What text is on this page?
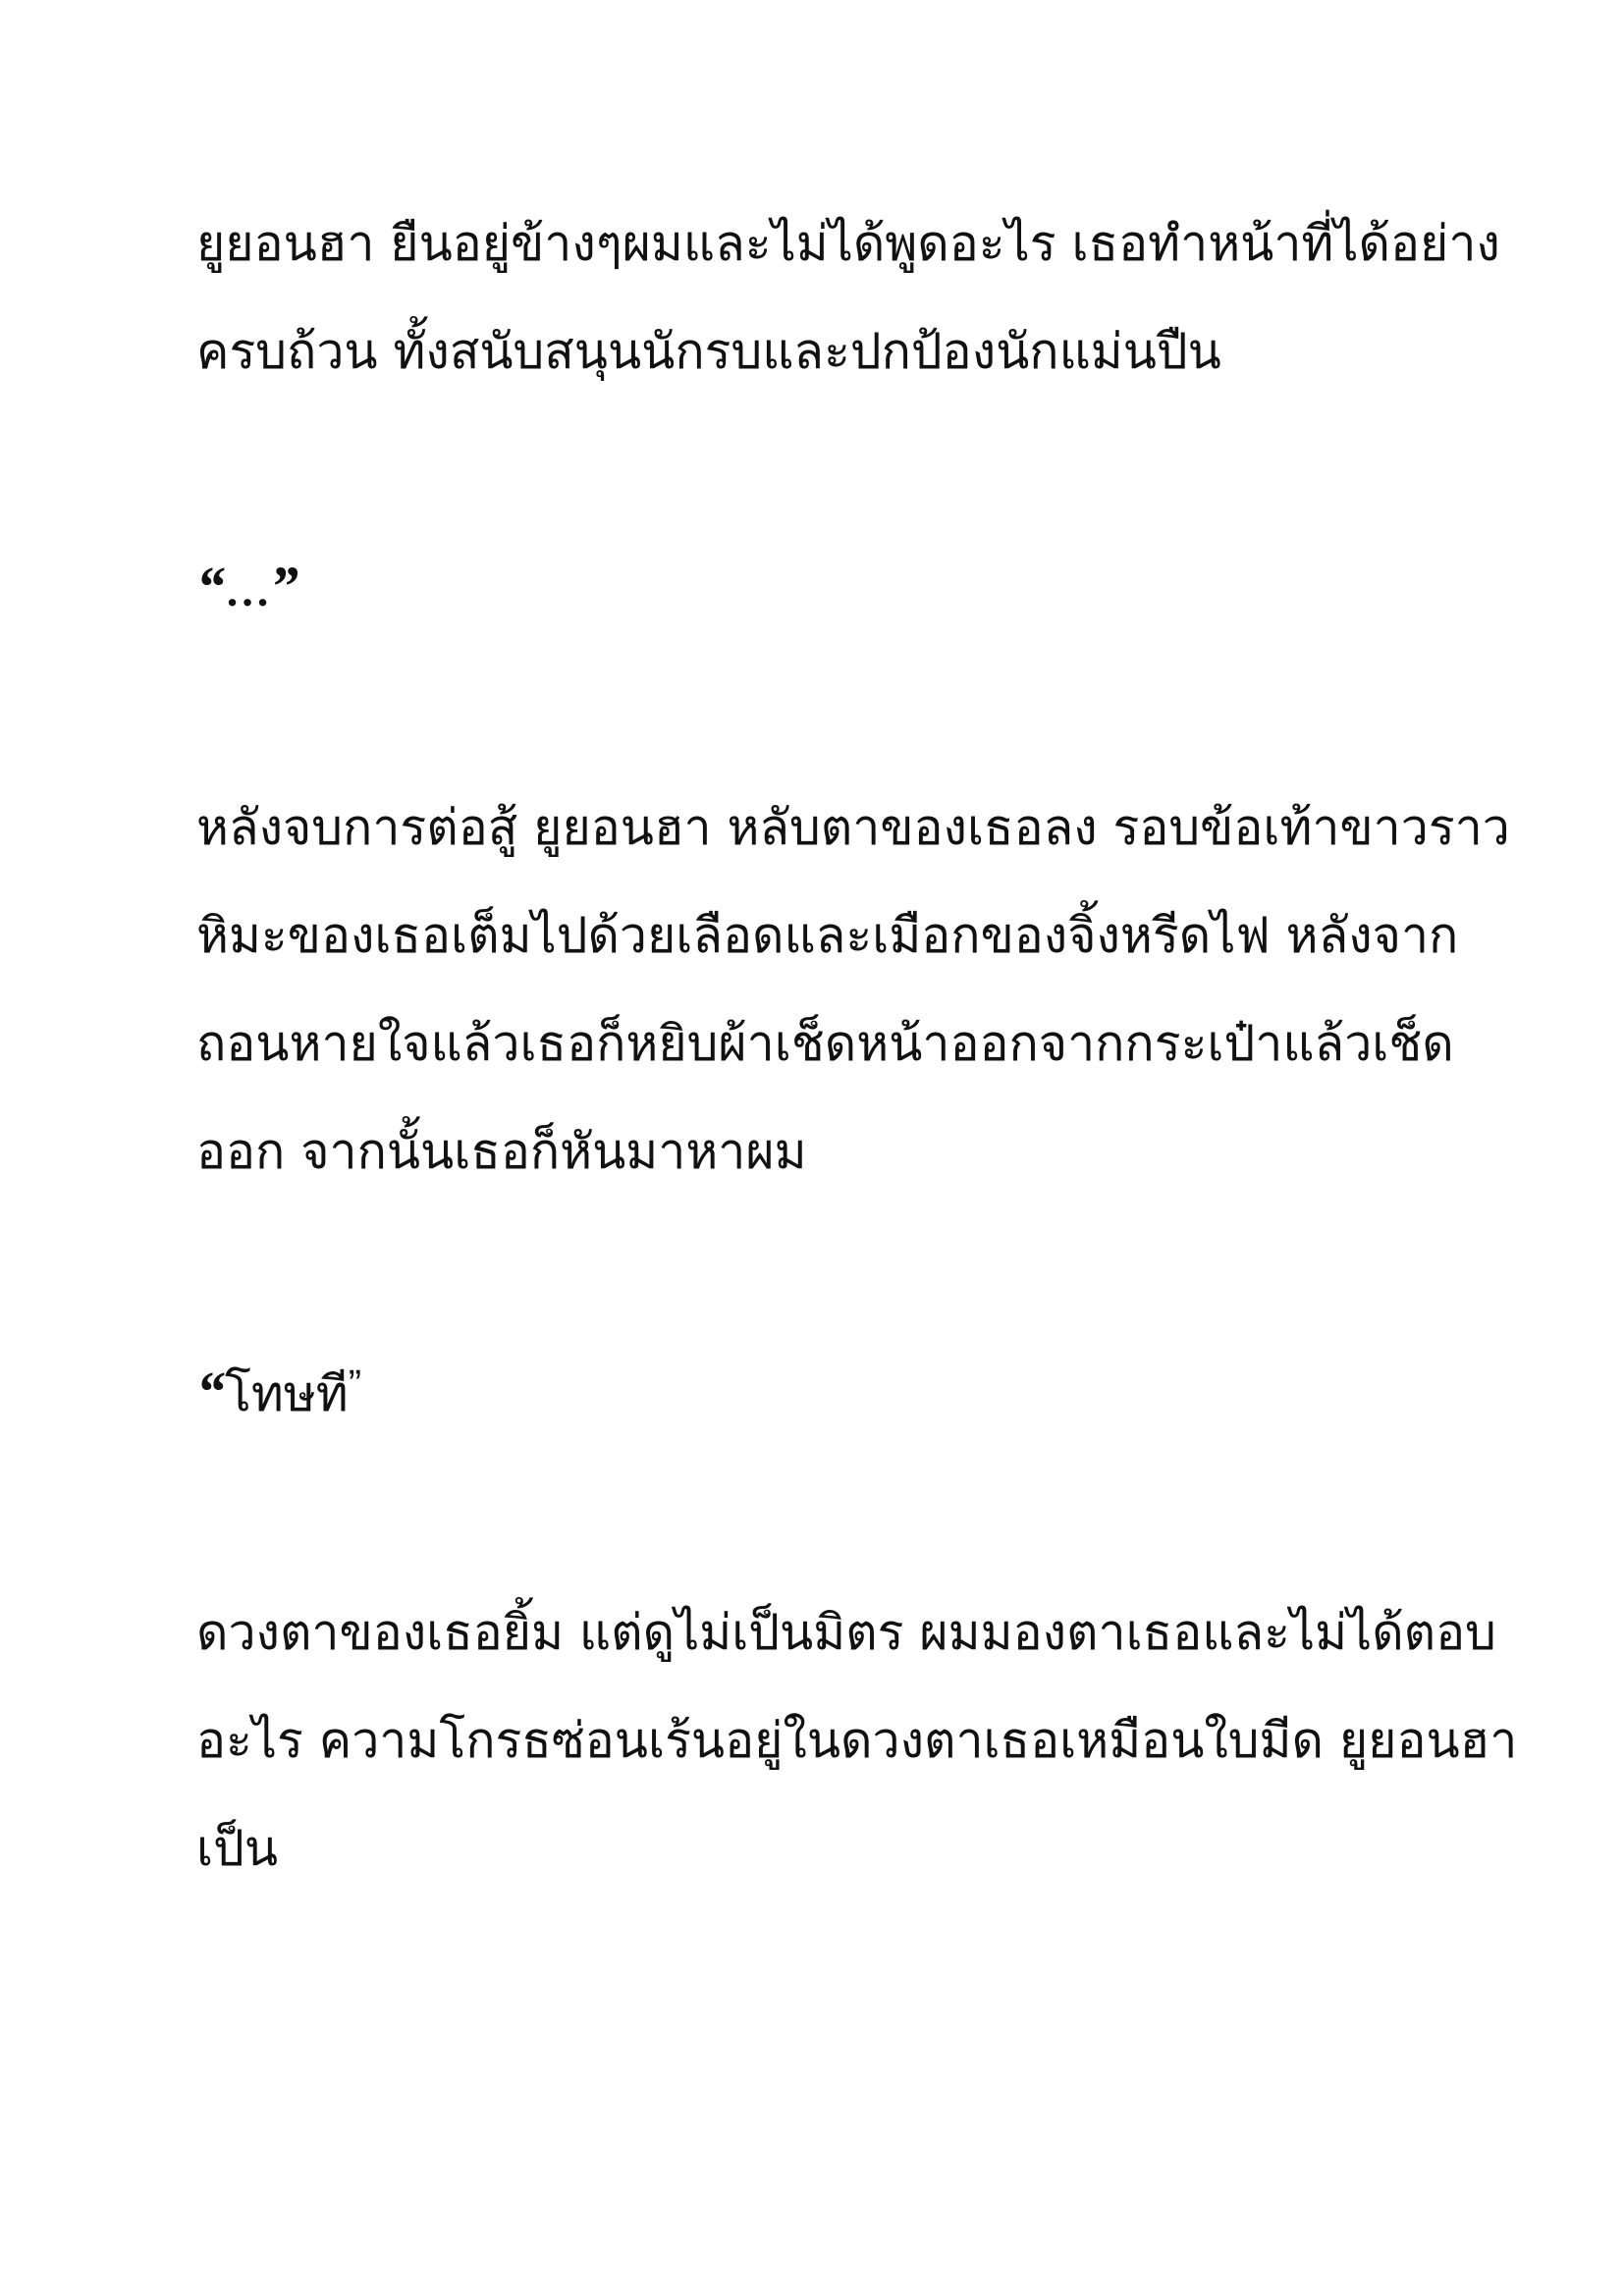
ยูยอนฮา ยืนอยู่ข้างๆผมและไม่ได้พูดอะไร เธอทำหน้าที่ได้อย่าง
ครบถ้วน ทั้งสนับสนุนนักรบและปกป้องนักแม่นปืน
“…”
หลังจบการต่อสู้ ยูยอนฮา หลับตาของเธอลง รอบข้อเท้าขาวราว
หิมะของเธอเต็มไปด้วยเลือดและเมือกของจิ้งหรีดไฟ หลังจาก
ถอนหายใจแล้วเธอก็หยิบผ้าเช็ดหน้าออกจากกระเป๋าแล้วเช็ด
ออก จากนั้นเธอก็หันมาหาผม
“โทษที”
ดวงตาของเธอยิ้ม แต่ดูไม่เป็นมิตร ผมมองตาเธอและไม่ได้ตอบ
อะไร ความโกรธซ่อนเร้นอยู่ในดวงตาเธอเหมือนใบมีด ยูยอนฮา
เป็น
